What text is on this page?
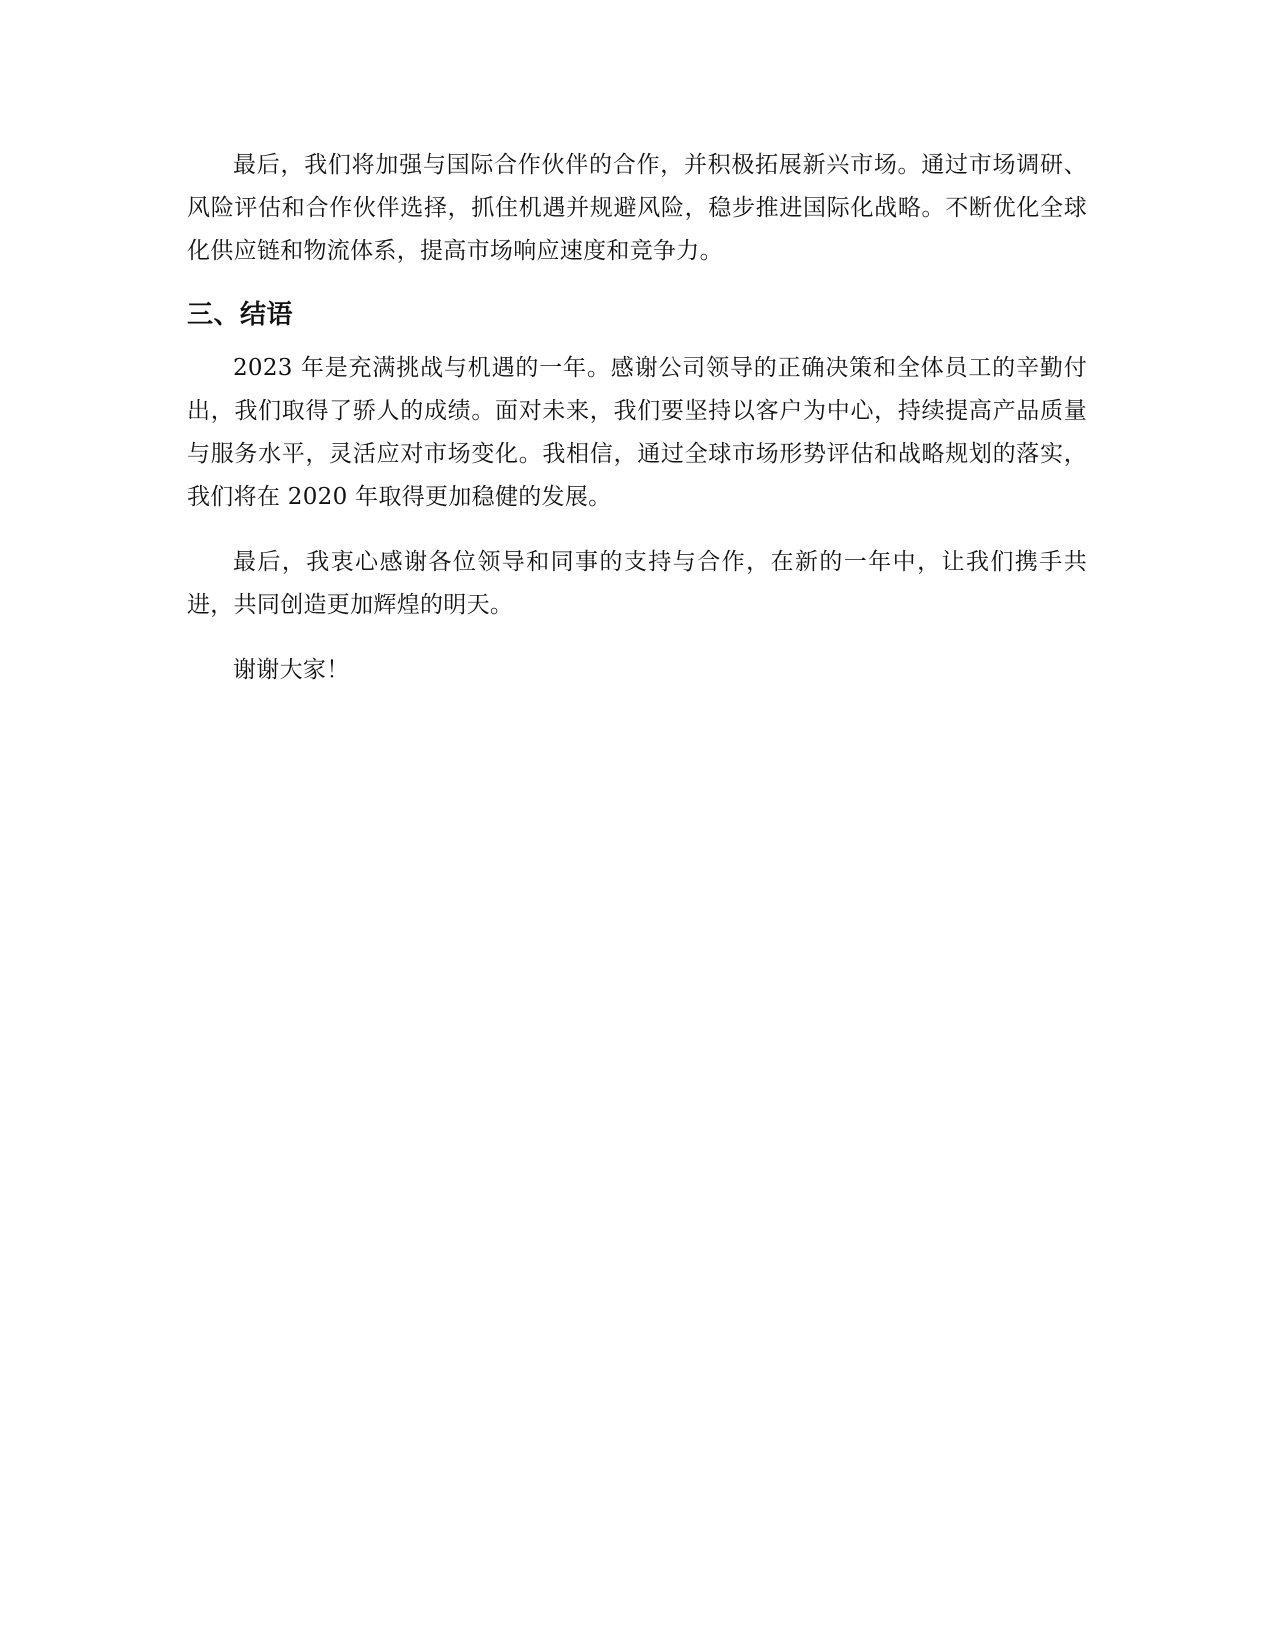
最后，我们将加强与国际合作伙伴的合作，并积极拓展新兴市场。通过市场调研、风险评估和合作伙伴选择，抓住机遇并规避风险，稳步推进国际化战略。不断优化全球化供应链和物流体系，提高市场响应速度和竞争力。

三、结语

2023 年是充满挑战与机遇的一年。感谢公司领导的正确决策和全体员工的辛勤付出，我们取得了骄人的成绩。面对未来，我们要坚持以客户为中心，持续提高产品质量与服务水平，灵活应对市场变化。我相信，通过全球市场形势评估和战略规划的落实，我们将在 2020 年取得更加稳健的发展。

最后，我衷心感谢各位领导和同事的支持与合作，在新的一年中，让我们携手共进，共同创造更加辉煌的明天。

谢谢大家！
